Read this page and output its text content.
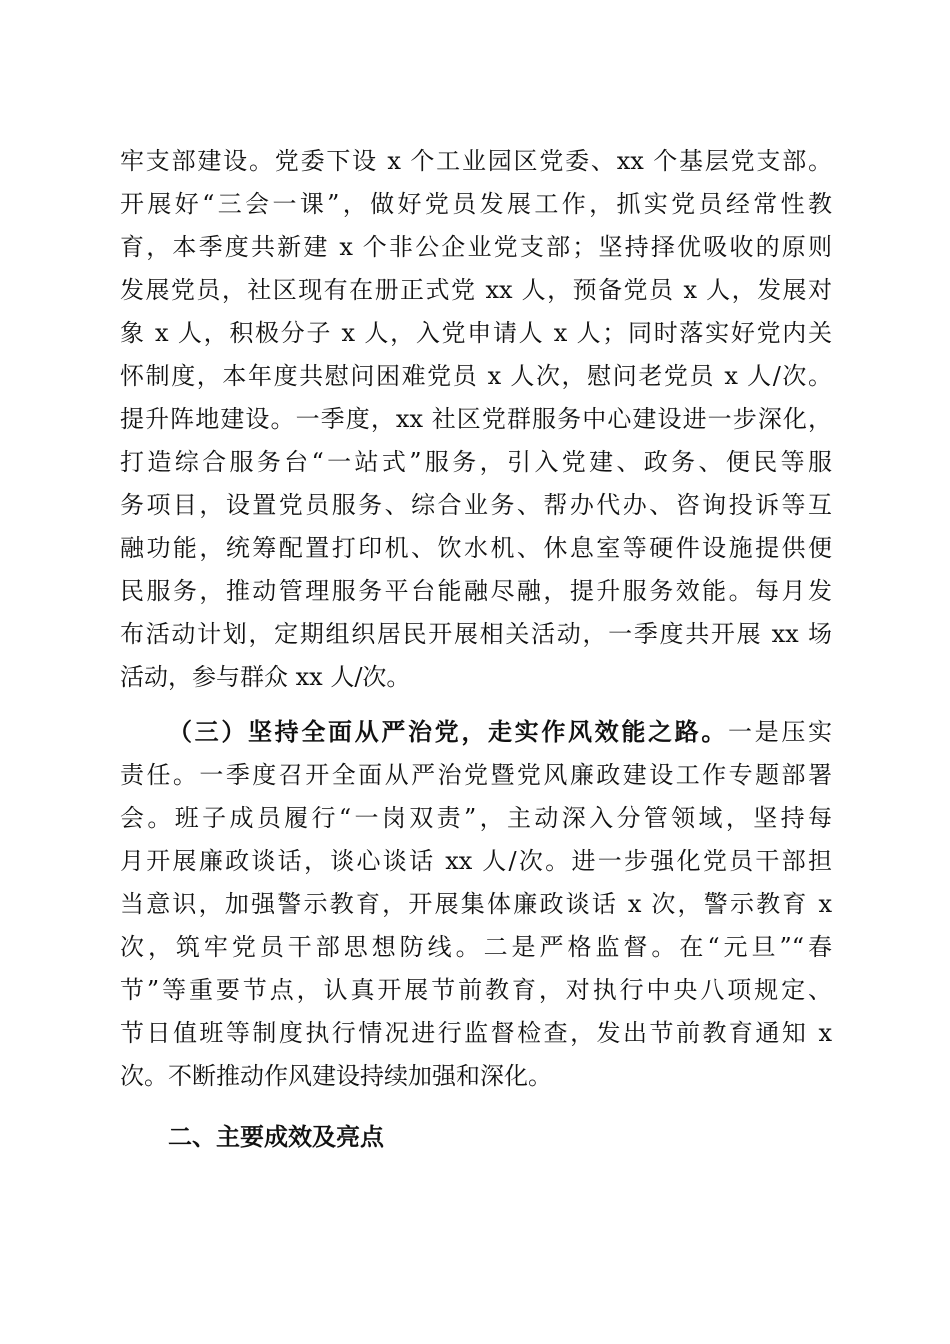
牢支部建设。党委下设 x 个工业园区党委、xx 个基层党支部。
开展好“三会一课”，做好党员发展工作，抓实党员经常性教
育，本季度共新建 x 个非公企业党支部；坚持择优吸收的原则
发展党员，社区现有在册正式党 xx 人，预备党员 x 人，发展对
象 x 人，积极分子 x 人，入党申请人 x 人；同时落实好党内关
怀制度，本年度共慰问困难党员 x 人次，慰问老党员 x 人/次。
提升阵地建设。一季度，xx 社区党群服务中心建设进一步深化，
打造综合服务台“一站式”服务，引入党建、政务、便民等服
务项目，设置党员服务、综合业务、帮办代办、咨询投诉等互
融功能，统筹配置打印机、饮水机、休息室等硬件设施提供便
民服务，推动管理服务平台能融尽融，提升服务效能。每月发
布活动计划，定期组织居民开展相关活动，一季度共开展 xx 场
活动，参与群众 xx 人/次。
（三）坚持全面从严治党，走实作风效能之路。一是压实
责任。一季度召开全面从严治党暨党风廉政建设工作专题部署
会。班子成员履行“一岗双责”，主动深入分管领域，坚持每
月开展廉政谈话，谈心谈话 xx 人/次。进一步强化党员干部担
当意识，加强警示教育，开展集体廉政谈话 x 次，警示教育 x
次，筑牢党员干部思想防线。二是严格监督。在“元旦”“春
节”等重要节点，认真开展节前教育，对执行中央八项规定、
节日值班等制度执行情况进行监督检查，发出节前教育通知 x
次。不断推动作风建设持续加强和深化。
二、主要成效及亮点
